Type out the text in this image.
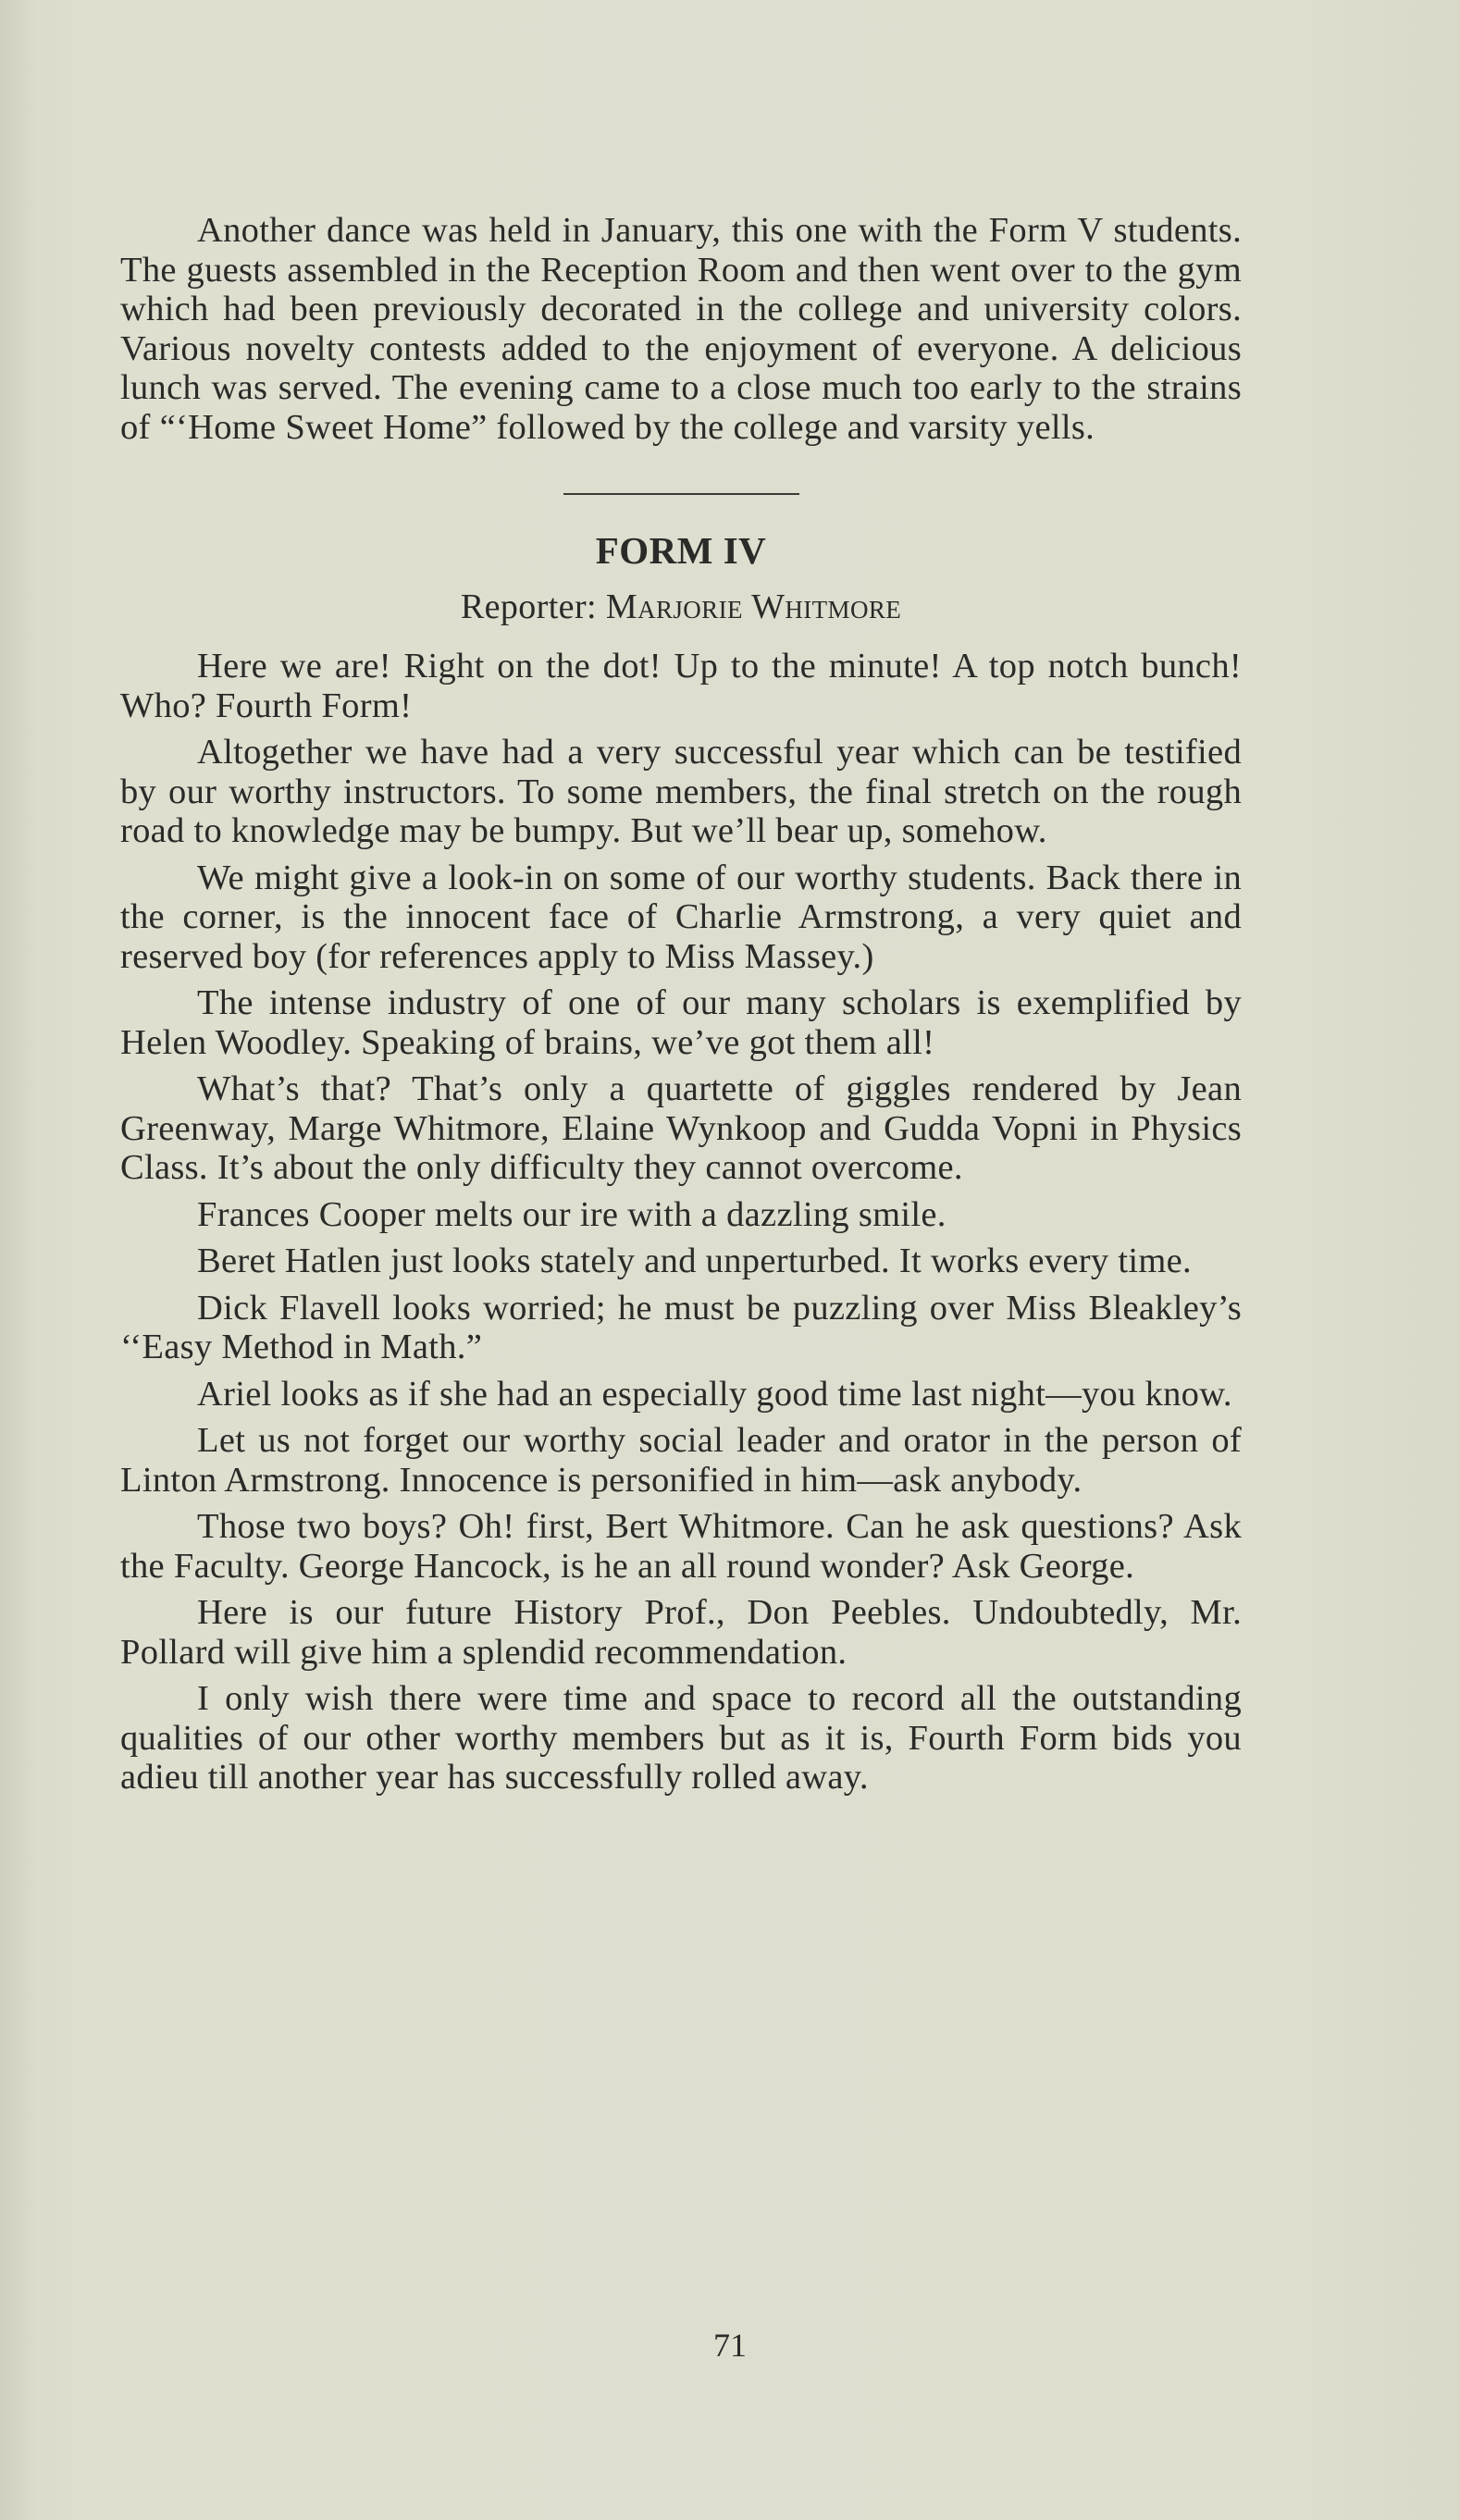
Another dance was held in January, this one with the Form V students. The guests assembled in the Reception Room and then went over to the gym which had been previously decorated in the college and university colors. Various novelty contests added to the enjoyment of everyone. A delicious lunch was served. The evening came to a close much too early to the strains of “‘Home Sweet Home” followed by the college and varsity yells.

FORM IV
Reporter: Marjorie Whitmore

Here we are! Right on the dot! Up to the minute! A top notch bunch! Who? Fourth Form!

Altogether we have had a very successful year which can be testified by our worthy instructors. To some members, the final stretch on the rough road to knowledge may be bumpy. But we’ll bear up, somehow.

We might give a look-in on some of our worthy students. Back there in the corner, is the innocent face of Charlie Armstrong, a very quiet and reserved boy (for references apply to Miss Massey.)

The intense industry of one of our many scholars is exemplified by Helen Woodley. Speaking of brains, we’ve got them all!

What’s that? That’s only a quartette of giggles rendered by Jean Greenway, Marge Whitmore, Elaine Wynkoop and Gudda Vopni in Physics Class. It’s about the only difficulty they cannot overcome.

Frances Cooper melts our ire with a dazzling smile.

Beret Hatlen just looks stately and unperturbed. It works every time.

Dick Flavell looks worried; he must be puzzling over Miss Bleakley’s ‘‘Easy Method in Math.”

Ariel looks as if she had an especially good time last night—you know.

Let us not forget our worthy social leader and orator in the person of Linton Armstrong. Innocence is personified in him—ask anybody.

Those two boys? Oh! first, Bert Whitmore. Can he ask questions? Ask the Faculty. George Hancock, is he an all round wonder? Ask George.

Here is our future History Prof., Don Peebles. Undoubtedly, Mr. Pollard will give him a splendid recommendation.

I only wish there were time and space to record all the outstanding qualities of our other worthy members but as it is, Fourth Form bids you adieu till another year has successfully rolled away.

71
